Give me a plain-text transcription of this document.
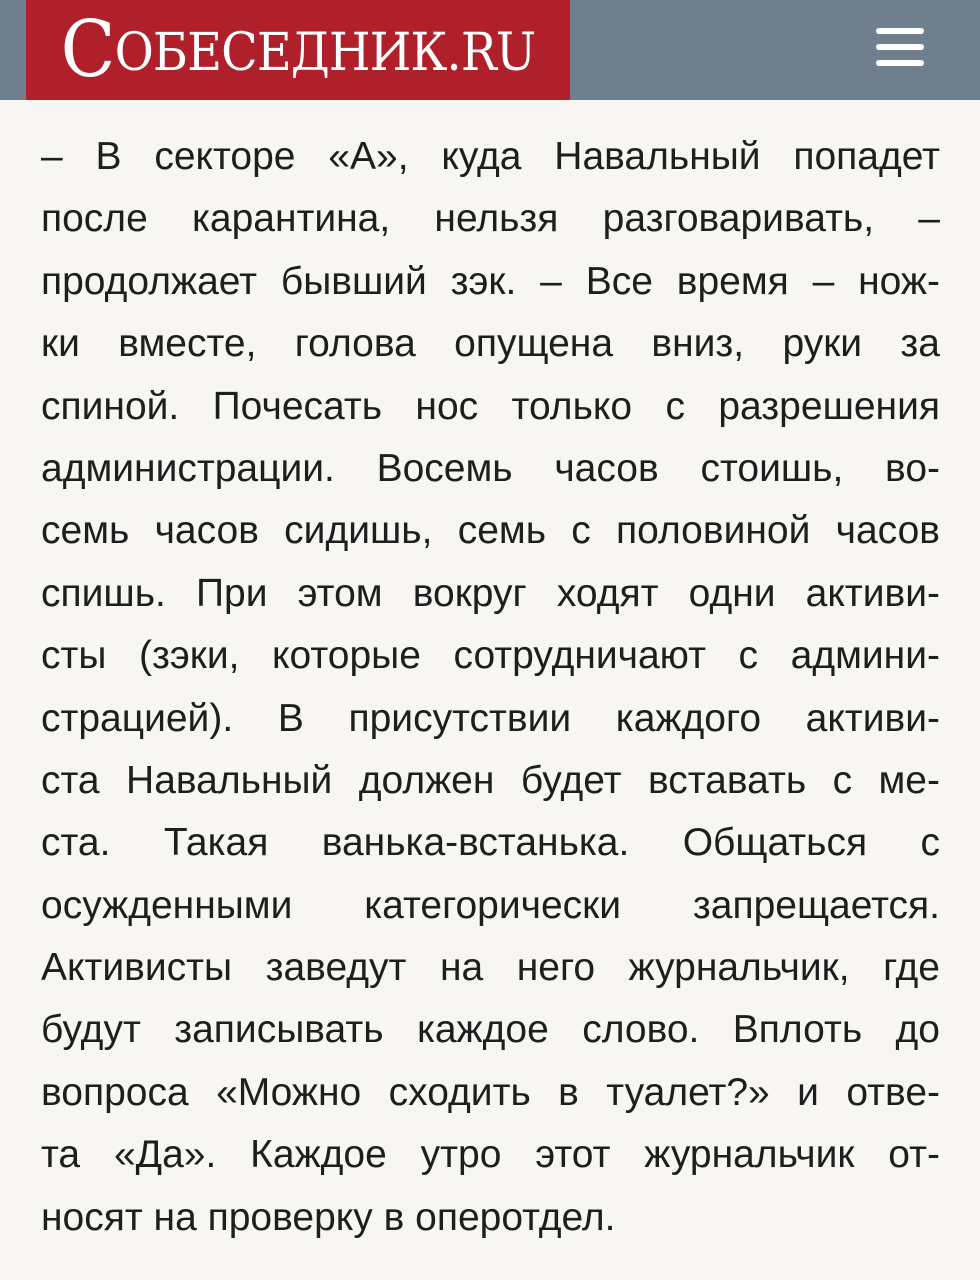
СОБЕСЕДНИК.RU
– В секторе «А», куда Навальный попадет
после карантина, нельзя разговаривать, –
продолжает бывший зэк. – Все время – нож-
ки вместе, голова опущена вниз, руки за
спиной. Почесать нос только с разрешения
администрации. Восемь часов стоишь, во-
семь часов сидишь, семь с половиной часов
спишь. При этом вокруг ходят одни активи-
сты (зэки, которые сотрудничают с админи-
страцией). В присутствии каждого активи-
ста Навальный должен будет вставать с ме-
ста. Такая ванька-встанька. Общаться с
осужденными категорически запрещается.
Активисты заведут на него журнальчик, где
будут записывать каждое слово. Вплоть до
вопроса «Можно сходить в туалет?» и отве-
та «Да». Каждое утро этот журнальчик от-
носят на проверку в оперотдел.
